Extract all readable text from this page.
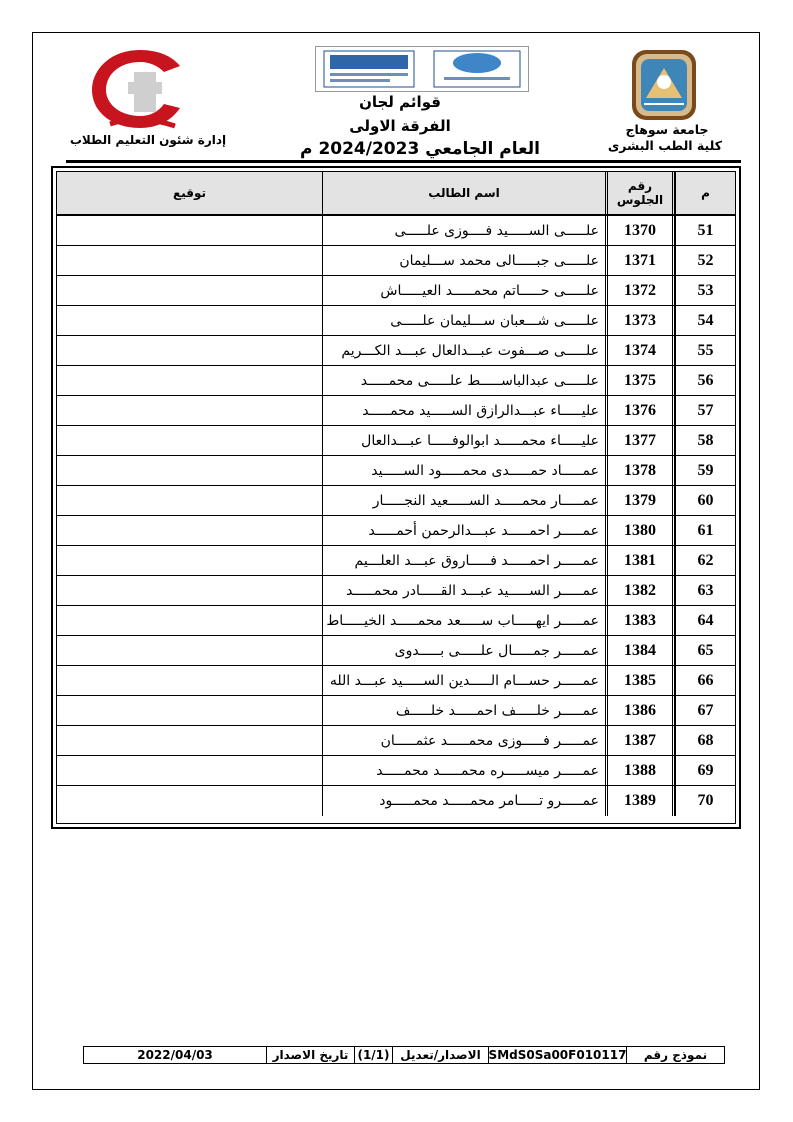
جامعة سوهاج
كلية الطب البشرى
إدارة شئون التعليم الطلاب
قوائم لجان
الفرقة الاولى
العام الجامعي 2024/2023 م
م
رقم الجلوس
اسم الطالب
توقيع
51
1370
علـــــى الســـــيد فــــوزى علـــــى
52
1371
علـــــى جبـــــالى محمد ســـليمان
53
1372
علـــــى حـــــاتم محمـــــد العيـــــاش
54
1373
علـــــى شـــعبان ســـليمان علـــــى
55
1374
علـــــى صـــفوت عبـــدالعال عبـــد الكـــريم
56
1375
علـــــى عبدالباســـــط علـــــى محمـــــد
57
1376
عليـــــاء عبـــدالرازق الســـــيد محمـــــد
58
1377
عليـــــاء محمـــــد ابوالوفـــــا عبـــدالعال
59
1378
عمـــــاد حمـــــدى محمـــــود الســـــيد
60
1379
عمـــــار محمـــــد الســـــعيد النجـــــار
61
1380
عمـــــر احمـــــد عبـــدالرحمن أحمـــــد
62
1381
عمـــــر احمـــــد فـــــاروق عبـــد العلـــيم
63
1382
عمـــــر الســـــيد عبـــد القـــــادر محمـــــد
64
1383
عمـــــر ايهـــــاب ســـــعد محمـــــد الخيـــــاط
65
1384
عمـــــر جمـــــال علـــــى بـــــدوى
66
1385
عمـــــر حســـام الـــــدين الســـــيد عبـــد الله
67
1386
عمـــــر خلـــــف احمـــــد خلـــــف
68
1387
عمـــــر فـــــوزى محمـــــد عثمـــــان
69
1388
عمـــــر ميســـــره محمـــــد محمـــــد
70
1389
عمـــــرو تـــــامر محمـــــد محمـــــود
نموذج رقم
SMdS0Sa00F010117
الاصدار/تعديل
(1/1)
تاريخ الاصدار
2022/04/03
